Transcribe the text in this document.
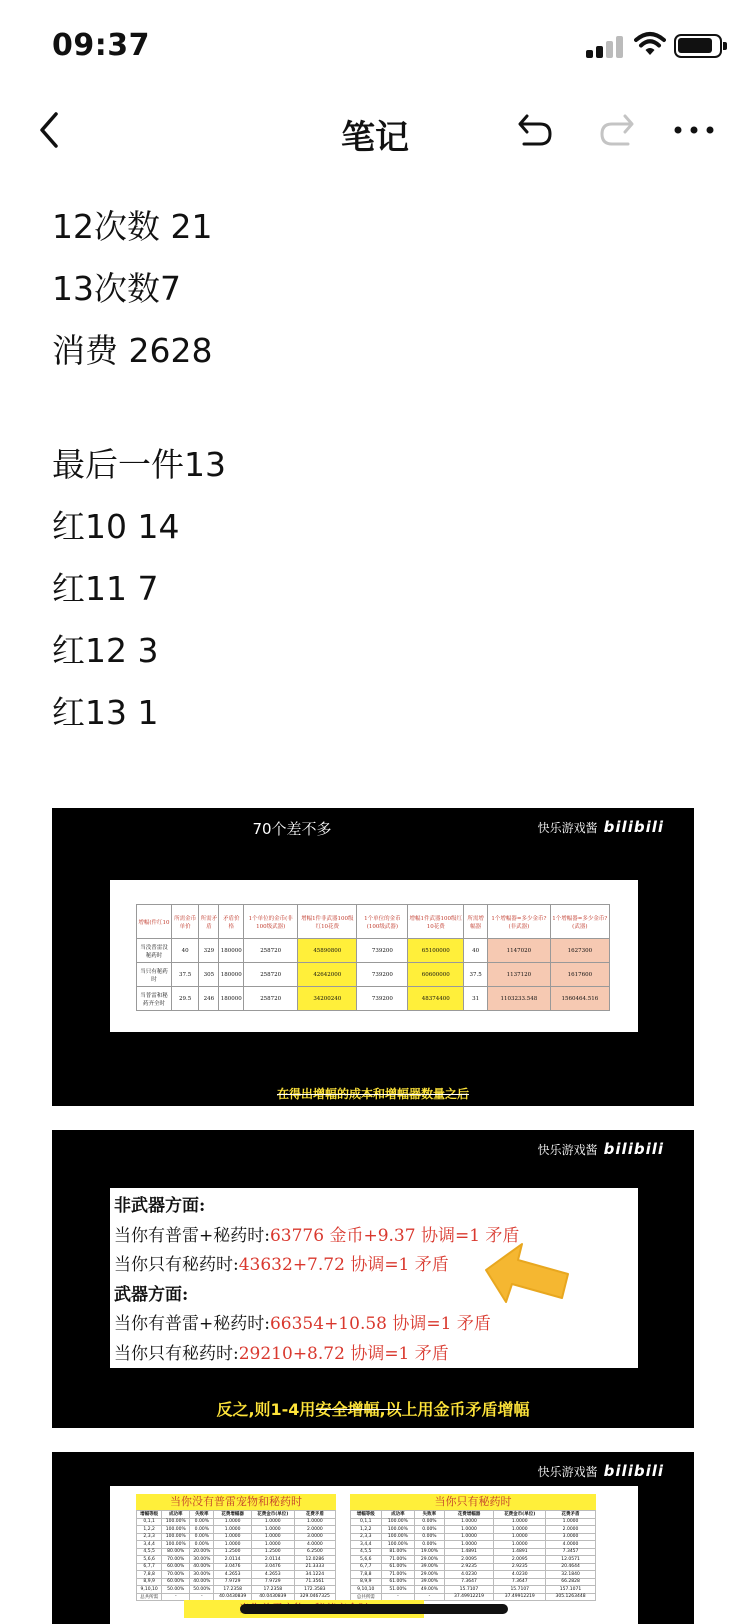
09:37
笔记
12次数 21
13次数7
消费 2628
最后一件13
红10 14
红11 7
红12 3
红13 1
70个差不多	快乐游戏酱 bilibili
增幅(件红10	所需金币单价	所需矛盾	矛盾价格	1个单位的金币(非100级武器)	增幅1件非武器100级红10花费	1个单位的金币(100级武器)	增幅1件武器100级红10花费	所需增幅器	1个增幅器=多少金币?(非武器)	1个增幅器=多少金币?(武器)
当没普雷没秘药时	40	329	180000	258720	45890800	739200	65100000	40	1147020	1627300
当只有秘药时	37.5	305	180000	258720	42642000	739200	60600000	37.5	1137120	1617600
当普雷和秘药齐全时	29.5	246	180000	258720	34200240	739200	48374400	31	1103233.548	1560464.516
在得出增幅的成本和增幅器数量之后
快乐游戏酱 bilibili
非武器方面:
当你有普雷+秘药时:63776 金币+9.37 协调=1 矛盾
当你只有秘药时:43632+7.72 协调=1 矛盾
武器方面:
当你有普雷+秘药时:66354+10.58 协调=1 矛盾
当你只有秘药时:29210+8.72 协调=1 矛盾
反之,则1-4用安全增幅,以上用金币矛盾增幅
快乐游戏酱 bilibili
当你没有普雷宠物和秘药时
增幅等级	成功率	失败率	花费增幅器	花费金币(单位)	花费矛盾
0,1,1	100.00%	0.00%	1.0000	1.0000	1.0000
1,2,2	100.00%	0.00%	1.0000	1.0000	2.0000
2,3,3	100.00%	0.00%	1.0000	1.0000	3.0000
3,4,4	100.00%	0.00%	1.0000	1.0000	4.0000
4,5,5	80.00%	20.00%	1.2500	1.2500	6.2500
5,6,6	70.00%	30.00%	2.0114	2.0114	12.0286
6,7,7	60.00%	40.00%	3.0476	3.0476	21.3333
7,8,8	70.00%	30.00%	4.2653	4.2653	34.1224
8,9,9	60.00%	40.00%	7.9729	7.9729	71.3561
9,10,10	50.00%	50.00%	17.2358	17.2358	172.3583
总共所需	-	-	40.0430839	40.0430839	329.0467325
当你只有秘药时
增幅等级	成功率	失败率	花费增幅器	花费金币(单位)	花费矛盾
0,1,1	100.00%	0.00%	1.0000	1.0000	1.0000
1,2,2	100.00%	0.00%	1.0000	1.0000	2.0000
2,3,3	100.00%	0.00%	1.0000	1.0000	3.0000
3,4,4	100.00%	0.00%	1.0000	1.0000	4.0000
4,5,5	81.00%	19.00%	1.4891	1.4891	7.3457
5,6,6	71.00%	29.00%	2.0095	2.0095	12.0571
6,7,7	61.00%	39.00%	2.9235	2.9235	20.4644
7,8,8	71.00%	29.00%	4.0230	4.0230	32.1840
8,9,9	61.00%	39.00%	7.3647	7.3647	66.2828
9,10,10	51.00%	49.00%	15.7107	15.7107	157.1071
总共所需	-	-	37.49912219	37.49912219	305.1263448
